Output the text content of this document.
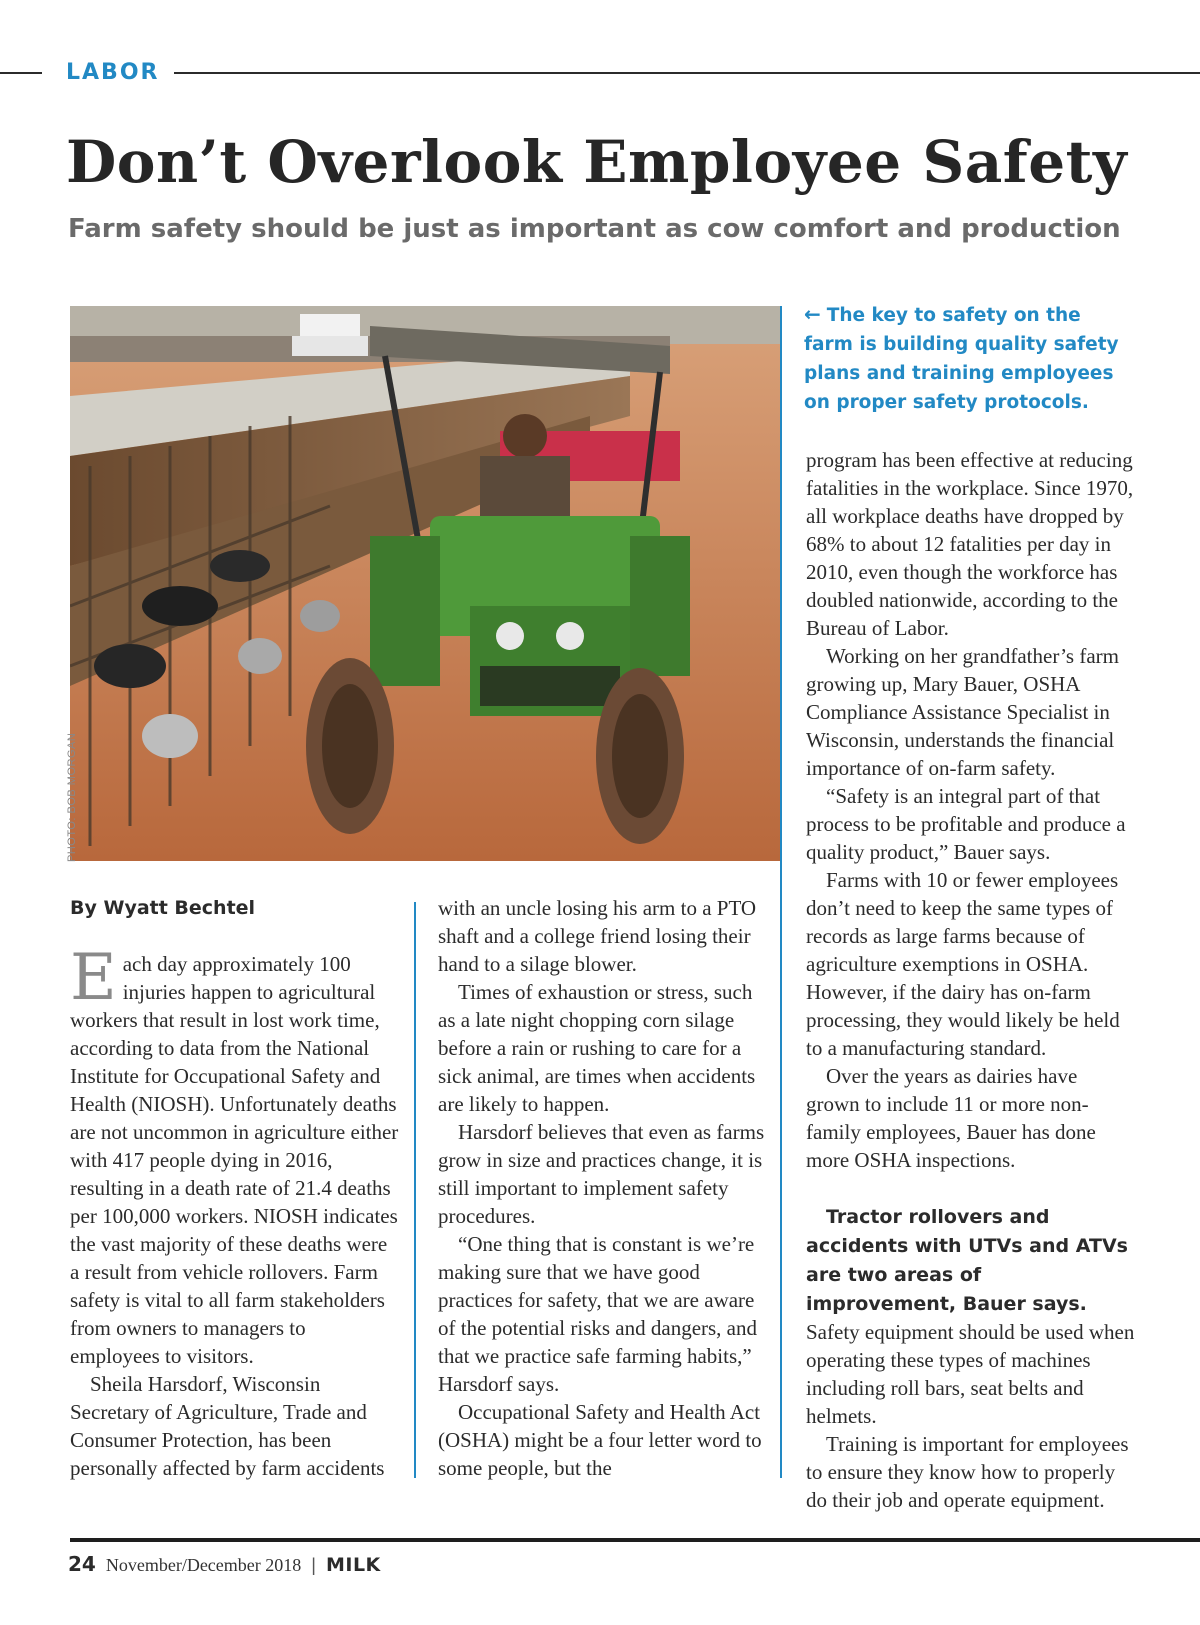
LABOR
Don’t Overlook Employee Safety
Farm safety should be just as important as cow comfort and production
PHOTO: BOB MORGAN
← The key to safety on the farm is building quality safety plans and training employees on proper safety protocols.

By Wyatt Bechtel

Each day approximately 100 injuries happen to agricultural workers that result in lost work time, according to data from the National Institute for Occupational Safety and Health (NIOSH). Unfortunately deaths are not uncommon in agriculture either with 417 people dying in 2016, resulting in a death rate of 21.4 deaths per 100,000 workers. NIOSH indicates the vast majority of these deaths were a result from vehicle rollovers. Farm safety is vital to all farm stakeholders from owners to managers to employees to visitors.

Sheila Harsdorf, Wisconsin Secretary of Agriculture, Trade and Consumer Protection, has been personally affected by farm accidents

with an uncle losing his arm to a PTO shaft and a college friend losing their hand to a silage blower.

Times of exhaustion or stress, such as a late night chopping corn silage before a rain or rushing to care for a sick animal, are times when accidents are likely to happen.

Harsdorf believes that even as farms grow in size and practices change, it is still important to implement safety procedures.

“One thing that is constant is we’re making sure that we have good practices for safety, that we are aware of the potential risks and dangers, and that we practice safe farming habits,” Harsdorf says.

Occupational Safety and Health Act (OSHA) might be a four letter word to some people, but the

program has been effective at reducing fatalities in the workplace. Since 1970, all workplace deaths have dropped by 68% to about 12 fatalities per day in 2010, even though the workforce has doubled nationwide, according to the Bureau of Labor.

Working on her grandfather’s farm growing up, Mary Bauer, OSHA Compliance Assistance Specialist in Wisconsin, understands the financial importance of on-farm safety.

“Safety is an integral part of that process to be profitable and produce a quality product,” Bauer says.

Farms with 10 or fewer employees don’t need to keep the same types of records as large farms because of agriculture exemptions in OSHA. However, if the dairy has on-farm processing, they would likely be held to a manufacturing standard.

Over the years as dairies have grown to include 11 or more non-family employees, Bauer has done more OSHA inspections.

Tractor rollovers and accidents with UTVs and ATVs are two areas of improvement, Bauer says. Safety equipment should be used when operating these types of machines including roll bars, seat belts and helmets.

Training is important for employees to ensure they know how to properly do their job and operate equipment.

24 November/December 2018 | MILK
